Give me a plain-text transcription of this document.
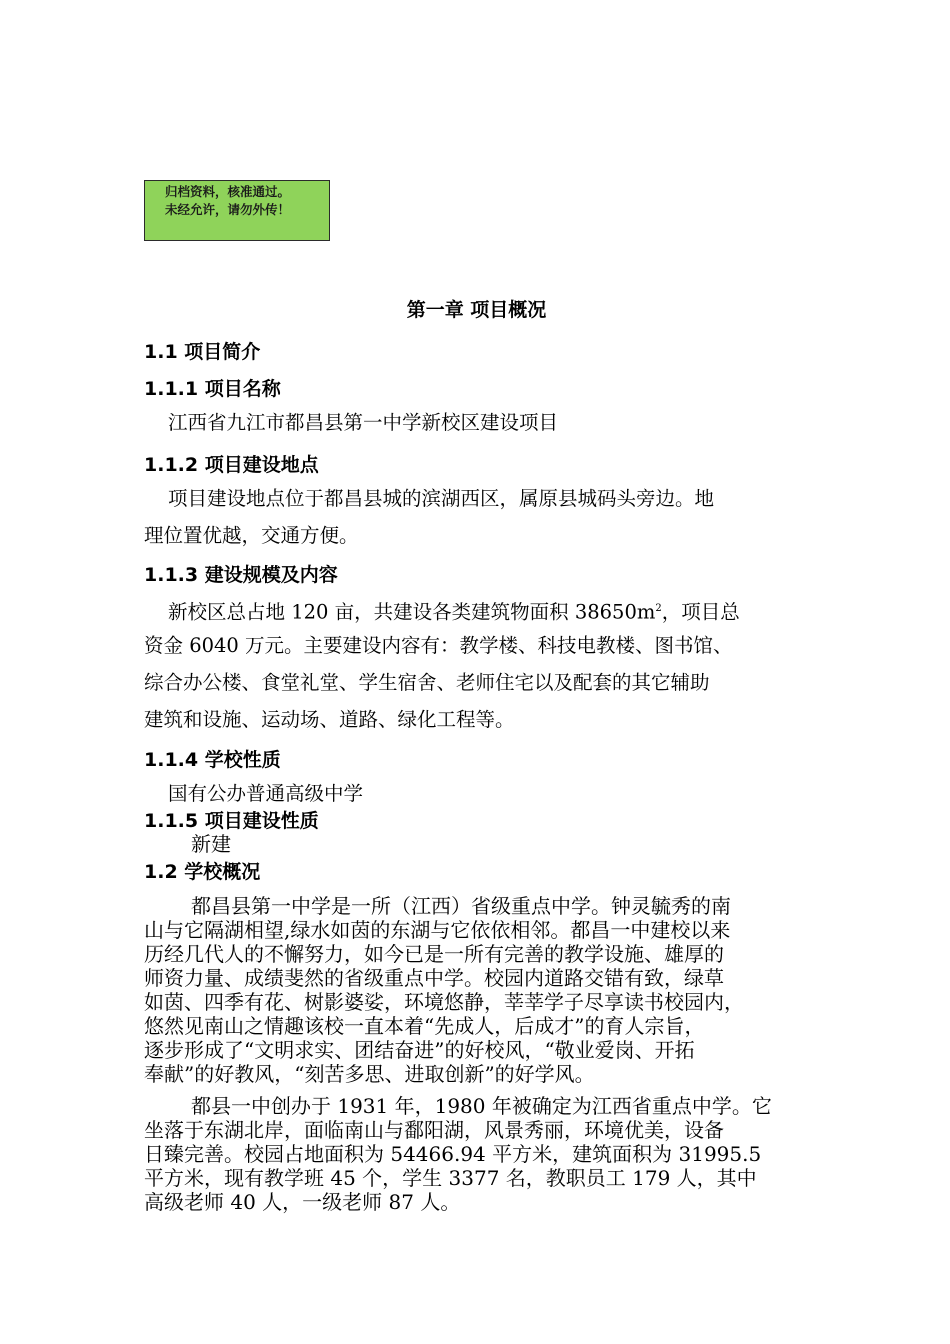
归档资料，核准通过。
未经允许，请勿外传！
第一章 项目概况
1.1 项目简介
1.1.1 项目名称
江西省九江市都昌县第一中学新校区建设项目
1.1.2 项目建设地点
项目建设地点位于都昌县城的滨湖西区，属原县城码头旁边。地
理位置优越，交通方便。
1.1.3 建设规模及内容
新校区总占地 120 亩，共建设各类建筑物面积 $38650m^2$，项目总
资金 6040 万元。主要建设内容有：教学楼、科技电教楼、图书馆、
综合办公楼、食堂礼堂、学生宿舍、老师住宅以及配套的其它辅助
建筑和设施、运动场、道路、绿化工程等。
1.1.4 学校性质
国有公办普通高级中学
1.1.5 项目建设性质
新建
1.2 学校概况
都昌县第一中学是一所（江西）省级重点中学。钟灵毓秀的南
山与它隔湖相望,绿水如茵的东湖与它依依相邻。都昌一中建校以来
历经几代人的不懈努力，如今已是一所有完善的教学设施、雄厚的
师资力量、成绩斐然的省级重点中学。校园内道路交错有致，绿草
如茵、四季有花、树影婆娑，环境悠静，莘莘学子尽享读书校园内，
悠然见南山之情趣该校一直本着“先成人，后成才”的育人宗旨，
逐步形成了“文明求实、团结奋进”的好校风，“敬业爱岗、开拓
奉献”的好教风，“刻苦多思、进取创新”的好学风。
都县一中创办于 1931 年，1980 年被确定为江西省重点中学。它
坐落于东湖北岸，面临南山与鄱阳湖，风景秀丽，环境优美，设备
日臻完善。校园占地面积为 54466.94 平方米，建筑面积为 31995.5
平方米，现有教学班 45 个，学生 3377 名，教职员工 179 人，其中
高级老师 40 人，一级老师 87 人。
